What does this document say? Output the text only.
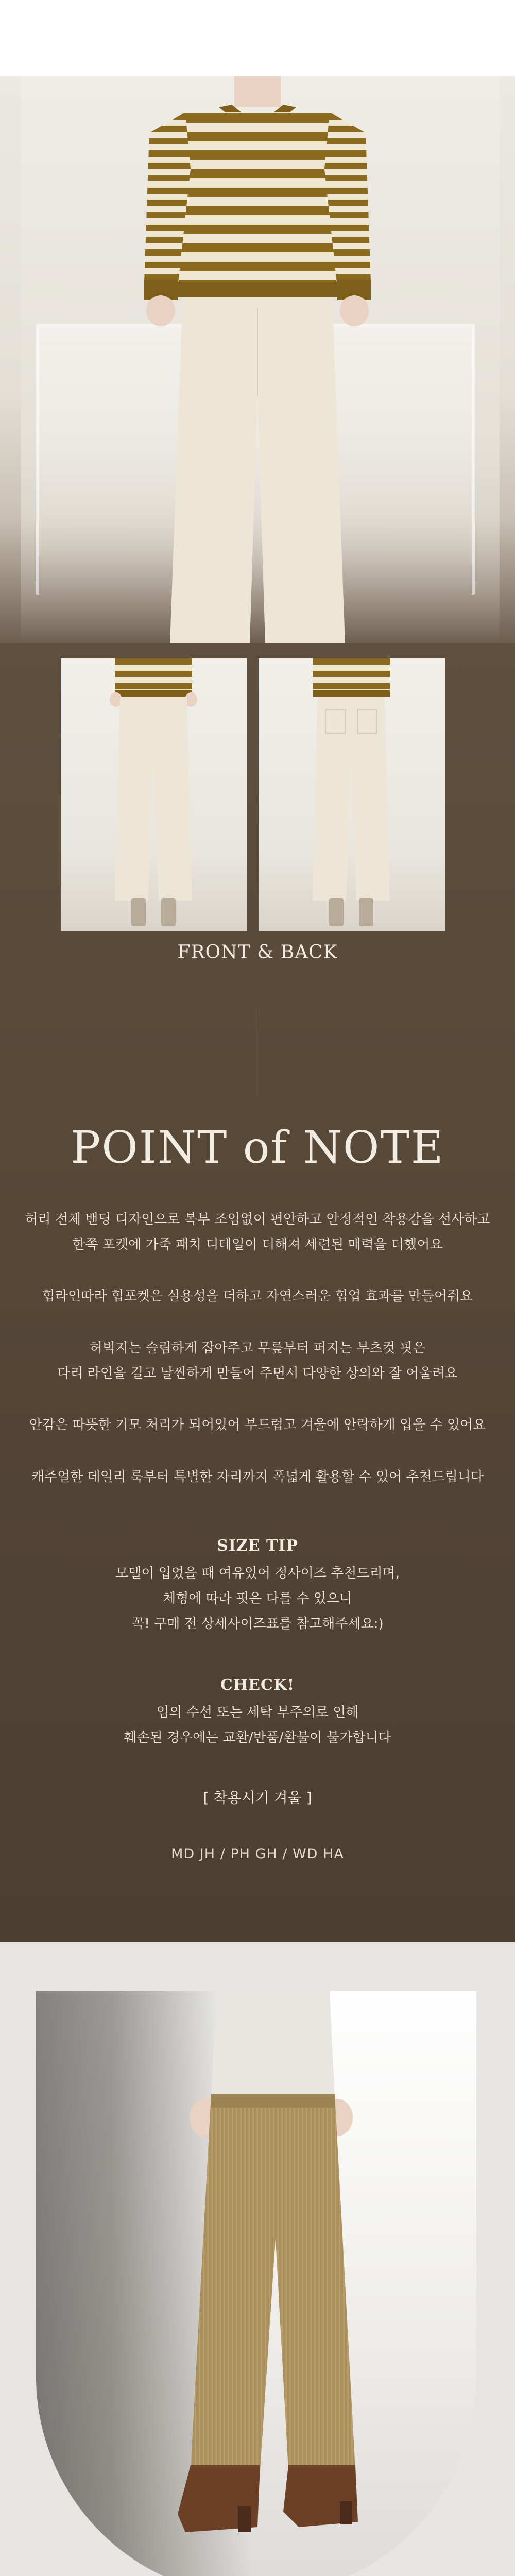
FRONT & BACK
POINT of NOTE

허리 전체 밴딩 디자인으로 복부 조임없이 편안하고 안정적인 착용감을 선사하고

한쪽 포켓에 가죽 패치 디테일이 더해져 세련된 매력을 더했어요

힙라인따라 힙포켓은 실용성을 더하고 자연스러운 힙업 효과를 만들어줘요

허벅지는 슬림하게 잡아주고 무릎부터 퍼지는 부츠컷 핏은

다리 라인을 길고 날씬하게 만들어 주면서 다양한 상의와 잘 어울려요

안감은 따뜻한 기모 처리가 되어있어 부드럽고 겨울에 안락하게 입을 수 있어요

캐주얼한 데일리 룩부터 특별한 자리까지 폭넓게 활용할 수 있어 추천드립니다

SIZE TIP

모델이 입었을 때 여유있어 정사이즈 추천드리며,

체형에 따라 핏은 다를 수 있으니

꼭! 구매 전 상세사이즈표를 참고해주세요:)

CHECK!

임의 수선 또는 세탁 부주의로 인해

훼손된 경우에는 교환/반품/환불이 불가합니다

[ 착용시기 겨울 ]
MD JH / PH GH / WD HA
